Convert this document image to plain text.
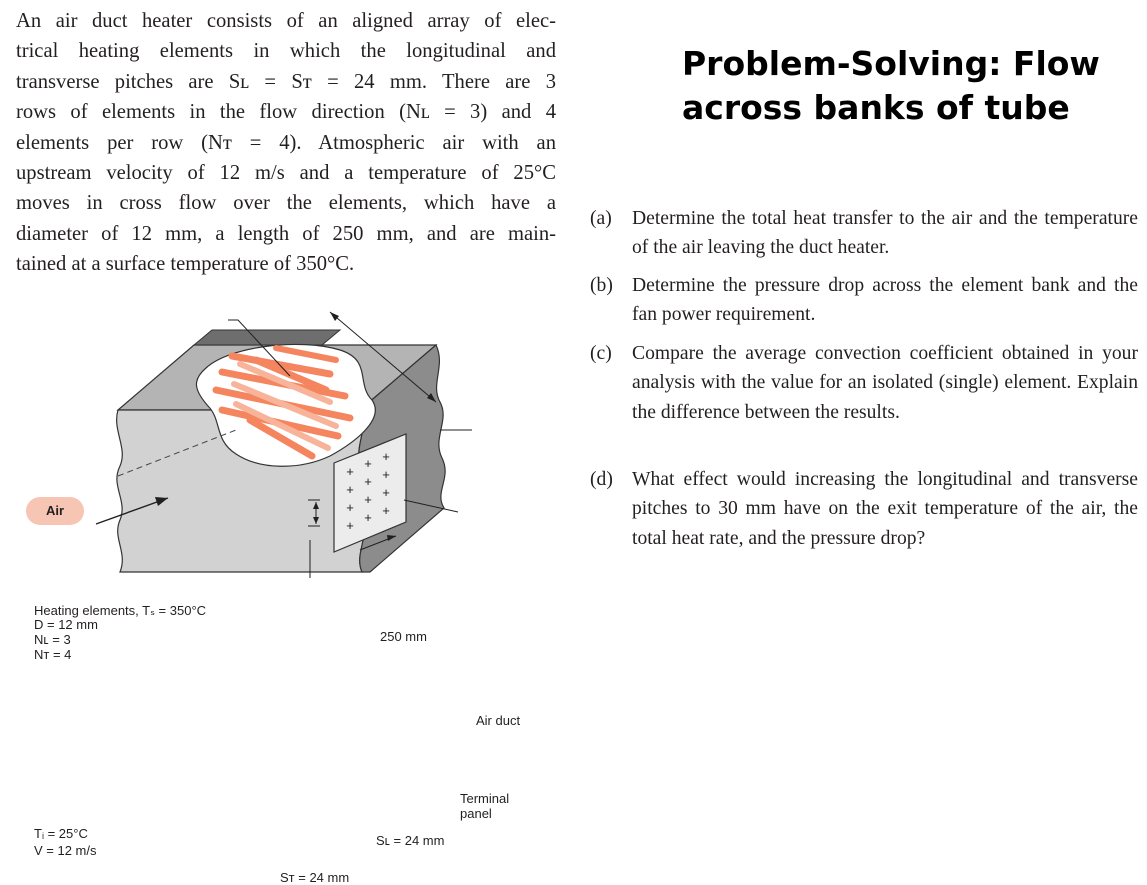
An air duct heater consists of an aligned array of elec-
trical heating elements in which the longitudinal and
transverse pitches are Sʟ = Sᴛ = 24 mm. There are 3
rows of elements in the flow direction (Nʟ = 3) and 4
elements per row (Nᴛ = 4). Atmospheric air with an
upstream velocity of 12 m/s and a temperature of 25°C
moves in cross flow over the elements, which have a
diameter of 12 mm, a length of 250 mm, and are main-
tained at a surface temperature of 350°C.
Problem-Solving: Flow
across banks of tube
(a) Determine the total heat transfer to the air and the temperature of the air leaving the duct heater.
(b) Determine the pressure drop across the element bank and the fan power requirement.
(c) Compare the average convection coefficient obtained in your analysis with the value for an isolated (single) element. Explain the difference between the results.
(d) What effect would increasing the longitudinal and transverse pitches to 30 mm have on the exit temperature of the air, the total heat rate, and the pressure drop?
+
+ +
+
+ +
+
+ +
+
+ +
Heating elements, Tₛ = 350°C
D = 12 mm
Nʟ = 3
Nᴛ = 4
250 mm
Air duct
Terminal
panel
Tᵢ = 25°C
V = 12 m/s
Sʟ = 24 mm
Sᴛ = 24 mm
Air
